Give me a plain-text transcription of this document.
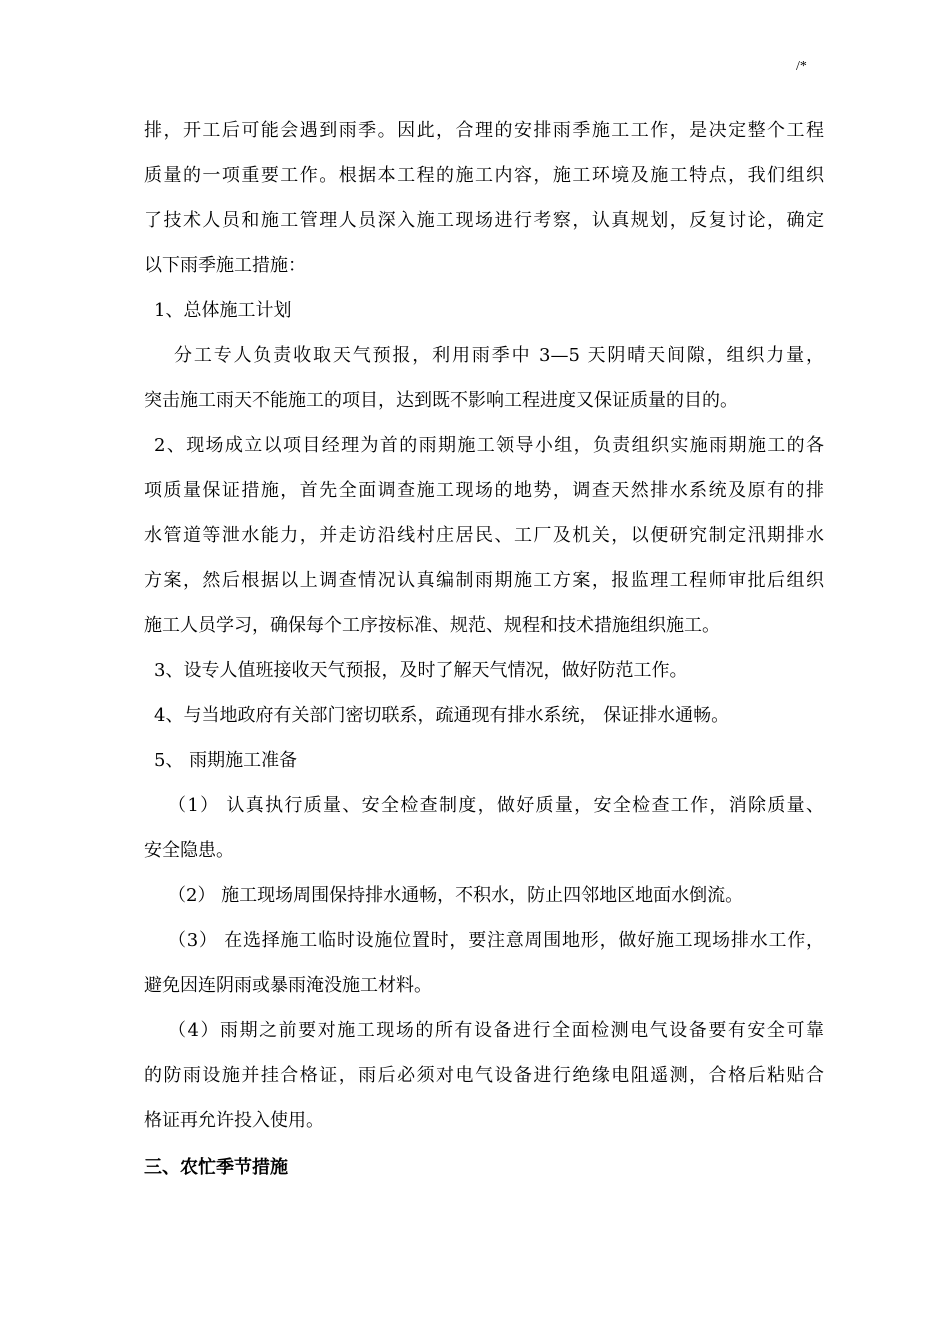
/*
排，开工后可能会遇到雨季。因此，合理的安排雨季施工工作，是决定整个工程
质量的一项重要工作。根据本工程的施工内容，施工环境及施工特点，我们组织
了技术人员和施工管理人员深入施工现场进行考察，认真规划，反复讨论，确定
以下雨季施工措施：
1、总体施工计划
分工专人负责收取天气预报，利用雨季中 3—5 天阴晴天间隙，组织力量，
突击施工雨天不能施工的项目，达到既不影响工程进度又保证质量的目的。
2、现场成立以项目经理为首的雨期施工领导小组，负责组织实施雨期施工的各
项质量保证措施，首先全面调查施工现场的地势，调查天然排水系统及原有的排
水管道等泄水能力，并走访沿线村庄居民、工厂及机关，以便研究制定汛期排水
方案，然后根据以上调查情况认真编制雨期施工方案，报监理工程师审批后组织
施工人员学习，确保每个工序按标准、规范、规程和技术措施组织施工。
3、设专人值班接收天气预报，及时了解天气情况，做好防范工作。
4、与当地政府有关部门密切联系，疏通现有排水系统， 保证排水通畅。
5、 雨期施工准备
（1） 认真执行质量、安全检查制度，做好质量，安全检查工作，消除质量、
安全隐患。
（2） 施工现场周围保持排水通畅，不积水，防止四邻地区地面水倒流。
（3） 在选择施工临时设施位置时，要注意周围地形，做好施工现场排水工作，
避免因连阴雨或暴雨淹没施工材料。
（4）雨期之前要对施工现场的所有设备进行全面检测电气设备要有安全可靠
的防雨设施并挂合格证，雨后必须对电气设备进行绝缘电阻遥测，合格后粘贴合
格证再允许投入使用。
三、农忙季节措施
